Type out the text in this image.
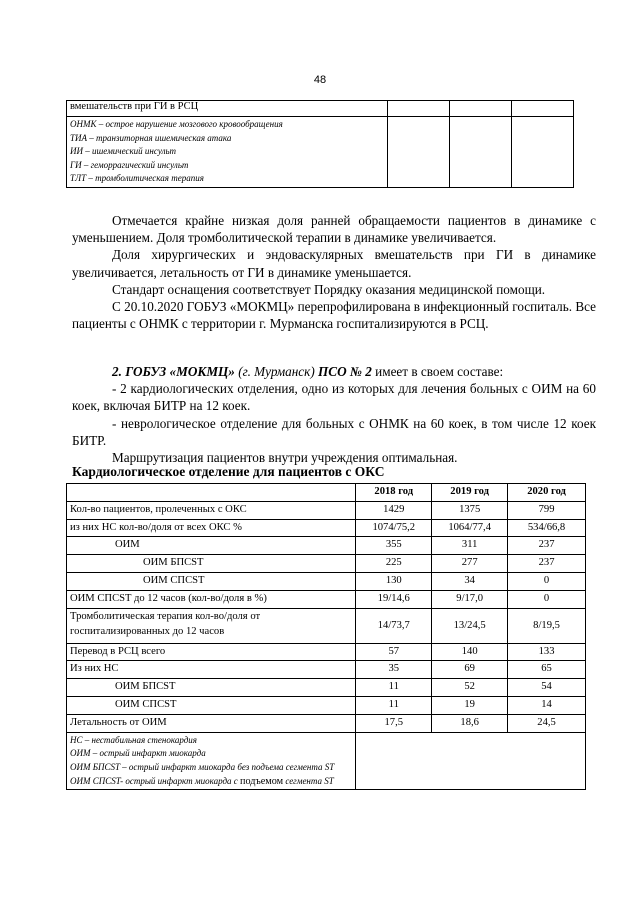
48
вмешательств при ГИ в РСЦ			

ОНМК – острое нарушение мозгового кровообращения
ТИА – транзиторная ишемическая атака
ИИ – ишемический инсульт
ГИ – геморрагический инсульт
ТЛТ – тромболитическая терапия			

Отмечается крайне низкая доля ранней обращаемости пациентов в динамике с уменьшением. Доля тромболитической терапии в динамике увеличивается.

Доля хирургических и эндоваскулярных вмешательств при ГИ в динамике увеличивается, летальность от ГИ в динамике уменьшается.

Стандарт оснащения соответствует Порядку оказания медицинской помощи.

С 20.10.2020 ГОБУЗ «МОКМЦ» перепрофилирована в инфекционный госпиталь. Все пациенты с ОНМК с территории г. Мурманска госпитализируются в РСЦ.

2. ГОБУЗ «МОКМЦ» (г. Мурманск) ПСО № 2 имеет в своем составе:

- 2 кардиологических отделения, одно из которых для лечения больных с ОИМ на 60 коек, включая БИТР на 12 коек.

- неврологическое отделение для больных с ОНМК на 60 коек, в том числе 12 коек БИТР.

Маршрутизация пациентов внутри учреждения оптимальная.

Кардиологическое отделение для пациентов с ОКС
	2018 год	2019 год	2020 год
Кол-во пациентов, пролеченных с ОКС	1429	1375	799
из них НС кол-во/доля от всех ОКС %	1074/75,2	1064/77,4	534/66,8
ОИМ	355	311	237
ОИМ БПСST	225	277	237
ОИМ СПСST	130	34	0
ОИМ СПСST до 12 часов (кол-во/доля в %)	19/14,6	9/17,0	0
Тромболитическая терапия кол-во/доля от госпитализированных до 12 часов	14/73,7	13/24,5	8/19,5
Перевод в РСЦ всего	57	140	133
Из них НС	35	69	65
ОИМ БПСST	11	52	54
ОИМ СПСST	11	19	14
Летальность от ОИМ	17,5	18,6	24,5

НС – нестабильная стенокардия
ОИМ – острый инфаркт миокарда
ОИМ БПСST – острый инфаркт миокарда без подъема сегмента ST
ОИМ СПСST- острый инфаркт миокарда с подъемом сегмента ST			
